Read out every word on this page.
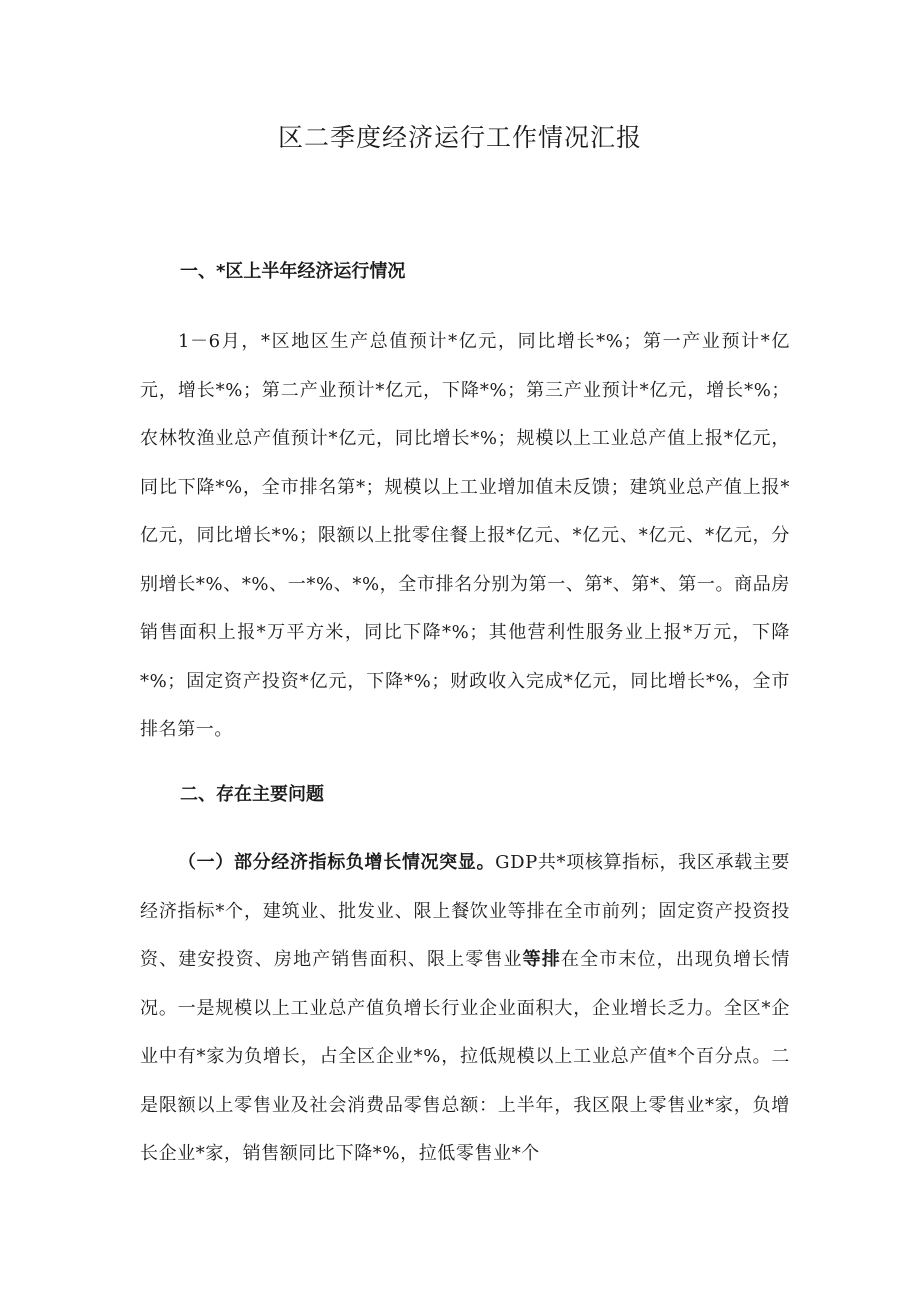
区二季度经济运行工作情况汇报
一、*区上半年经济运行情况

1－6月，*区地区生产总值预计*亿元，同比增长*%；第一产业预计*亿元，增长*%；第二产业预计*亿元，下降*%；第三产业预计*亿元，增长*%；农林牧渔业总产值预计*亿元，同比增长*%；规模以上工业总产值上报*亿元，同比下降*%，全市排名第*；规模以上工业增加值未反馈；建筑业总产值上报*亿元，同比增长*%；限额以上批零住餐上报*亿元、*亿元、*亿元、*亿元，分别增长*%、*%、一*%、*%，全市排名分别为第一、第*、第*、第一。商品房销售面积上报*万平方米，同比下降*%；其他营利性服务业上报*万元，下降*%；固定资产投资*亿元，下降*%；财政收入完成*亿元，同比增长*%，全市排名第一。

二、存在主要问题

（一）部分经济指标负增长情况突显。GDP共*项核算指标，我区承载主要经济指标*个，建筑业、批发业、限上餐饮业等排在全市前列；固定资产投资投资、建安投资、房地产销售面积、限上零售业等排在全市末位，出现负增长情况。一是规模以上工业总产值负增长行业企业面积大，企业增长乏力。全区*企业中有*家为负增长，占全区企业*%，拉低规模以上工业总产值*个百分点。二是限额以上零售业及社会消费品零售总额：上半年，我区限上零售业*家，负增长企业*家，销售额同比下降*%，拉低零售业*个
